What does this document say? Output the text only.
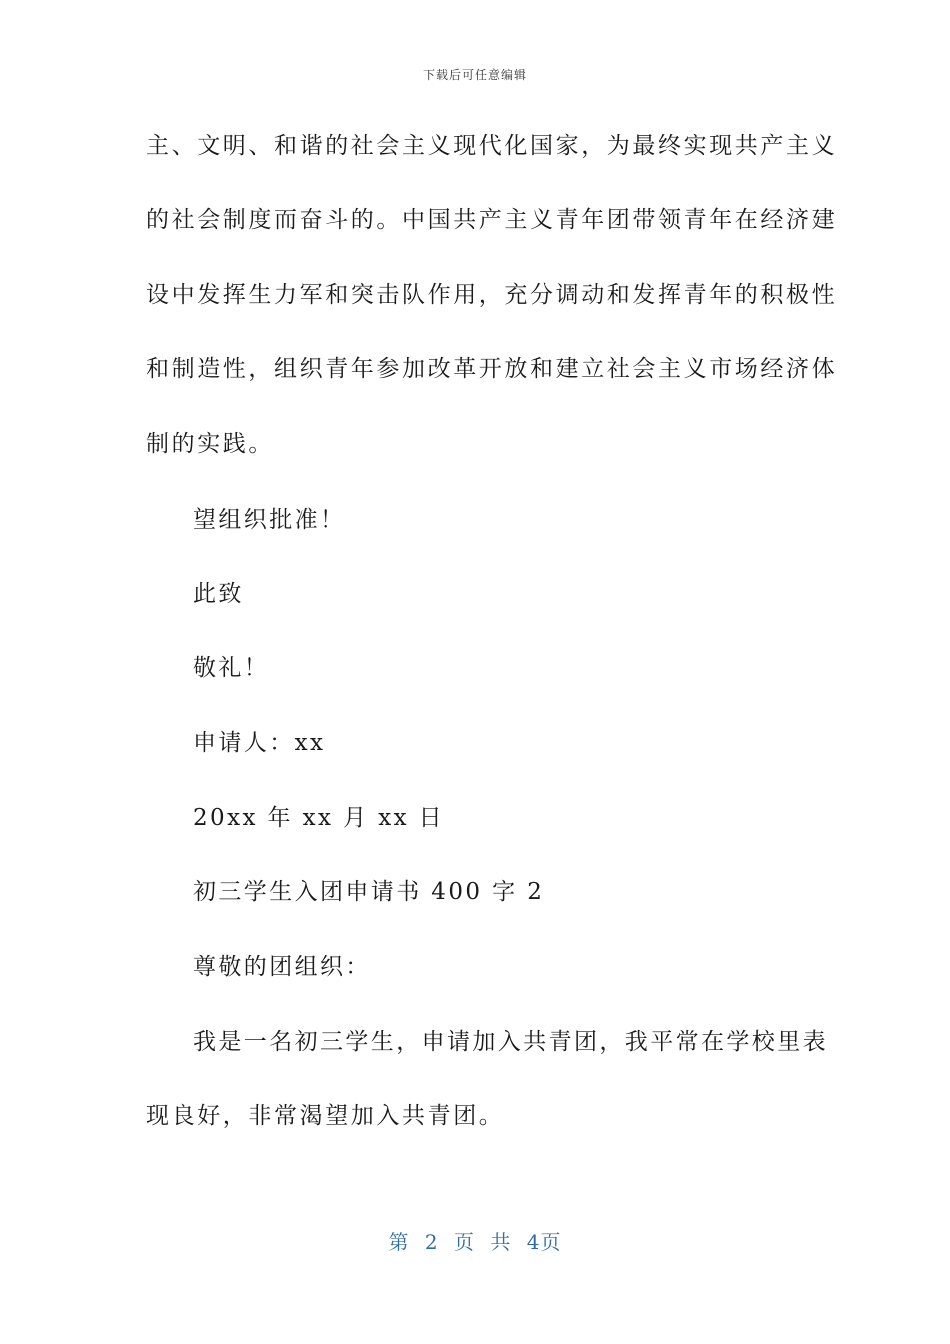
下载后可任意编辑
主、文明、和谐的社会主义现代化国家，为最终实现共产主义
的社会制度而奋斗的。中国共产主义青年团带领青年在经济建
设中发挥生力军和突击队作用，充分调动和发挥青年的积极性
和制造性，组织青年参加改革开放和建立社会主义市场经济体
制的实践。
望组织批准！
此致
敬礼！
申请人：xx
20xx 年 xx 月 xx 日
初三学生入团申请书 400 字 2
尊敬的团组织：
我是一名初三学生，申请加入共青团，我平常在学校里表
现良好，非常渴望加入共青团。
第 2 页 共 4页
